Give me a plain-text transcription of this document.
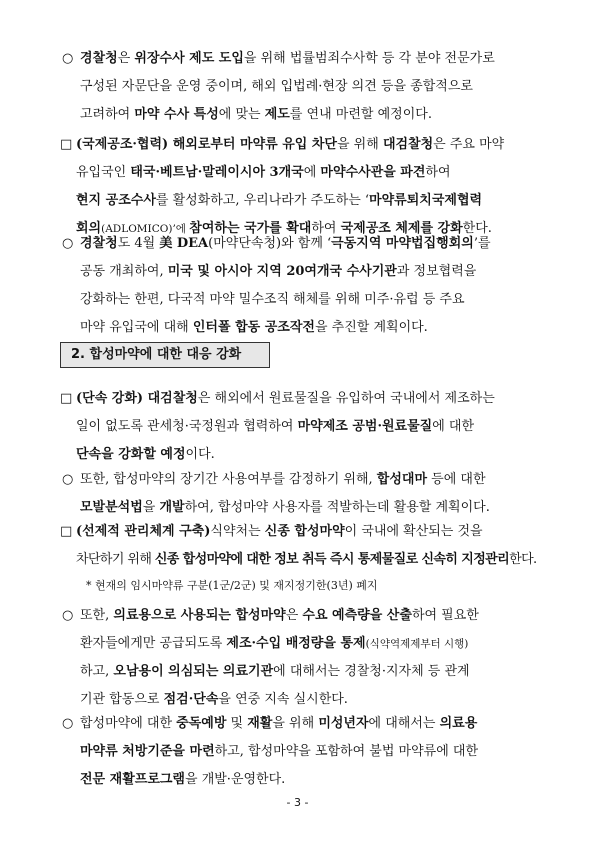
○ 경찰청은 위장수사 제도 도입을 위해 법률범죄수사학 등 각 분야 전문가로
구성된 자문단을 운영 중이며, 해외 입법례·현장 의견 등을 종합적으로
고려하여 마약 수사 특성에 맞는 제도를 연내 마련할 예정이다.
□ (국제공조·협력) 해외로부터 마약류 유입 차단을 위해 대검찰청은 주요 마약
유입국인 태국·베트남·말레이시아 3개국에 마약수사관을 파견하여
현지 공조수사를 활성화하고, 우리나라가 주도하는 ‘마약류퇴치국제협력
회의(ADLOMICO)’에 참여하는 국가를 확대하여 국제공조 체제를 강화한다.
○ 경찰청도 4월 美 DEA(마약단속청)와 함께 ‘극동지역 마약법집행회의’를
공동 개최하여, 미국 및 아시아 지역 20여개국 수사기관과 정보협력을
강화하는 한편, 다국적 마약 밀수조직 해체를 위해 미주·유럽 등 주요
마약 유입국에 대해 인터폴 합동 공조작전을 추진할 계획이다.
2. 합성마약에 대한 대응 강화
□ (단속 강화) 대검찰청은 해외에서 원료물질을 유입하여 국내에서 제조하는
일이 없도록 관세청·국정원과 협력하여 마약제조 공범·원료물질에 대한
단속을 강화할 예정이다.
○ 또한, 합성마약의 장기간 사용여부를 감정하기 위해, 합성대마 등에 대한
모발분석법을 개발하여, 합성마약 사용자를 적발하는데 활용할 계획이다.
□ (선제적 관리체계 구축)식약처는 신종 합성마약이 국내에 확산되는 것을
차단하기 위해 신종 합성마약에 대한 정보 취득 즉시 통제물질로 신속히 지정관리한다.
* 현재의 임시마약류 구분(1군/2군) 및 재지정기한(3년) 폐지
○ 또한, 의료용으로 사용되는 합성마약은 수요 예측량을 산출하여 필요한
환자들에게만 공급되도록 제조·수입 배정량을 통제(식약역제제부터 시행)
하고, 오남용이 의심되는 의료기관에 대해서는 경찰청·지자체 등 관계
기관 합동으로 점검·단속을 연중 지속 실시한다.
○ 합성마약에 대한 중독예방 및 재활을 위해 미성년자에 대해서는 의료용
마약류 처방기준을 마련하고, 합성마약을 포함하여 불법 마약류에 대한
전문 재활프로그램을 개발·운영한다.
- 3 -
